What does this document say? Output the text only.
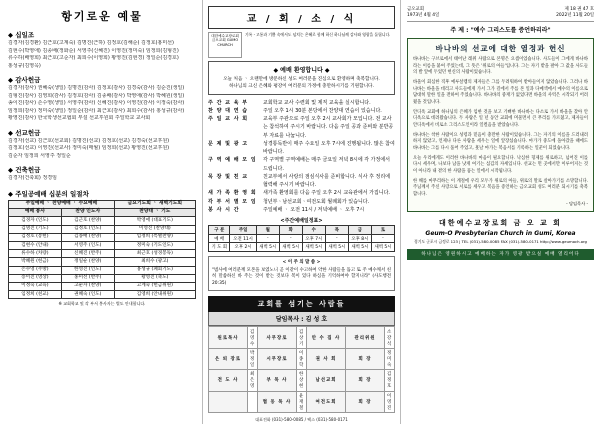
항기로운 예물
◆ 십일조
김경자(김경환) 김근호(고계숙) 김명진(근하) 김정호(김해순) 김정호(홍미선)
김현수(박영애) 김종배(정화순) 서영주(신혜진) 이영진(정미숙) 임정희(김형진)
류수하(배영희) 최근호(고순자) 최희수(이영희) 황영진(김현경) 정일순(김경호)
홍성규(김영옥)
◆ 감사헌금
김경자(감사) 권혜숙(생일) 김명진(감사) 김정호(감사) 김경숙(감사) 김순진(생일)
김형진(감사) 김영희(감사) 김정호(감사) 김종배(감사) 박영애(감사) 박혜원(생일)
송이진(감사) 손수영(생일) 서영주(감사) 신혜진(감사) 이영진(감사) 이정숙(감사)
임정희(감사) 정미숙(생일) 정일순(감사) 최근호(감사) 최희수(감사) 홍성규(감사)
황영진(감사) 한국학생선교협회 부설 선교후원회 주일학교 교사회
◆ 선교헌금
김경자(선교) 김근호(선교회) 김명진(선교) 김정호(선교) 김경숙(선교후원)
김정호(선교) 이영진(선교사) 정미숙(매월) 임정희(선교) 황영진(선교후원)
김순자 임정희 서영주 정일순
◆ 건축헌금
김경자(건축회) 정경임
◆ 주일공예배 십분의 일절차
주일예배 ㆍ 찬양예배 ㆍ 수요예배		금요기도회 ㆍ 새벽기도회
예배 봉사	찬양 인도자	찬양대 ㆍ 기도
김경자 (인도)	김근호 (찬양)	박영애 (대표기도)
김명진 (기도)	김정호 (인도)	이영진 (찬양대)
김정호 (봉헌)	김종배 (찬양)	임정희 (특별찬양)
김현수 (안내)	서영주 (인도)	정미숙 (기도인도)
류수하 (차량)	신혜진 (반주)	최근호 (성경봉독)
박혜원 (헌금)	정일순 (찬양)	최희수 (광고)
손수영 (주방)	한영진 (인도)	홍성규 (폐회기도)
송이진 (영상)	홍미선 (반주)	황영진 (축도)
이정숙 (교육)	고순자 (찬양)	고계숙 (헌금위원)
임정희 (친교)	권혜숙 (인도)	김영희 (안내위원)
※ 교회학교 및 각 부서 봉사자는 별도 안내합니다.
교 / 회 / 소 / 식
대한예수교장로회 금오교회 GUMO CHURCH
기록ㆍ고통과 기쁨 속에서도 넘치는 은혜로 함께 하신 하나님께 감사와 영광을 돌립니다.
◆ 예배 환영합니다 ◆
오늘 처음 ㆍ 오랜만에 방문하신 성도 여러분을 진심으로 환영하며 축복합니다.
하나님의 크신 은혜와 평강이 여러분의 가정에 충만하시기를 기원합니다.
주 간 교 육 부	교회학교 교사 수련회 및 제직 교육을 실시합니다.
찬 양 대 연 습	주일 오후 1시 30분 본당에서 찬양대 연습이 있습니다.
주 일 교 사 회	교육부 주관으로 주일 오후 2시 교사회가 모입니다. 전 교사는 참석하여 주시기 바랍니다. 다음 주일 공과 준비와 분반공부 자료를 나눕니다.
문 제 및 광 고	성경통독반이 매주 수요일 오후 7시에 진행됩니다. 많은 참여 바랍니다.
구 역 예 배 모 임	각 구역별 구역예배는 매주 금요일 저녁 8시에 각 가정에서 드립니다.
목 장 및 친 교	친교부에서 사랑의 점심식사를 준비합니다. 식사 후 정리에 협력해 주시기 바랍니다.
새 가 족 환 영 회	새가족 환영회를 다음 주일 오후 2시 교육관에서 가집니다.
각 부 서 별 모 임	청년부ㆍ남선교회ㆍ여전도회 월례회가 있습니다.
봉 사 시 간	주일예배 ㆍ 오전 11시 / 저녁예배 ㆍ 오후 7시
<주간예배일정표>
구 분	주일	월	화	수	목	금	토
예 배	오전 11시	-	-	오후 7시	-	오후 8시	-
기 도 회	오후 2시	새벽 5시	새벽 5시	새벽 5시	새벽 5시	새벽 5시	새벽 5시
< 이 주 의 말 씀 >
"범사에 여러분께 모본을 보였노니 곧 이같이 수고하여 약한 사람들을 돕고 또 주 예수께서 친히 말씀하신 바 주는 것이 받는 것보다 복이 있다 하심을 기억하여야 할지니라" (사도행전 20:35)
교회를 섬기는 사람들
담임목사 : 김 성 호
원로목사	김 영 수	사무장로	김 상 기	안 수 집 사	관리위원	소 강 석
은 퇴 장로	박 정 일	시무장로	이 종 학	권 사 회	회 장	정 미 숙
전 도 사	최 은 영	부 목 사	한 상 현	남선교회	회 장	김 정 호
		협 동 목 사	윤 재 철	여전도회	회 장	이 영 진
대표전화 (031)-580-0085 / 팩스 (031)-580-0171
금오교회
1973년 4월 4일
제 18 권 47 호
2022년 11월 20일
주 제 : "예수 그리스도를 증언하리라"
바나바의 선교에 대한 열정과 헌신

바나바는 구브로에서 태어난 레위 사람으로 본명은 요셉이었습니다. 사도들이 그에게 바나바라는 이름을 붙여 주었는데, 그 뜻은 '위로의 아들'입니다. 그는 자기 밭을 팔아 그 값을 사도들의 발 앞에 두었던 헌신의 사람이었습니다.

바울이 회심한 직후 예루살렘의 제자들은 그를 두려워하여 받아들이지 않았습니다. 그러나 바나바는 바울을 데리고 사도들에게 가서 그가 길에서 주를 본 일과 다메섹에서 예수의 이름으로 담대히 말한 일을 전하여 주었습니다. 바나바의 중재가 없었다면 바울의 사역은 시작되기 어려웠을 것입니다.

안디옥 교회에 하나님의 은혜가 임한 것을 보고 기뻐한 바나바는 다소로 가서 바울을 찾아 안디옥으로 데려왔습니다. 두 사람은 일 년 동안 교회에 머물면서 큰 무리를 가르쳤고, 제자들이 안디옥에서 비로소 그리스도인이라 일컬음을 받았습니다.

바나바는 착한 사람이요 성령과 믿음이 충만한 사람이었습니다. 그는 자기의 이름을 드러내려 하지 않았고, 언제나 다른 사람을 세우는 일에 앞장섰습니다. 마가가 중도에 돌아갔을 때에도 바나바는 그를 다시 품어 주었고, 훗날 마가는 복음서를 기록하는 일꾼이 되었습니다.

오늘 우리에게도 이러한 바나바의 마음이 필요합니다. 낙심한 형제를 위로하고, 넘어진 이를 다시 세우며, 나보다 남을 낫게 여기는 섬김의 자세입니다. 선교는 먼 곳에서만 이루어지는 것이 아니라 내 곁의 한 사람을 품는 일에서 시작됩니다.

한 해를 마무리하는 이 계절에 우리 모두가 위로의 아들, 위로의 딸로 살아가기를 소망합니다. 주님께서 주신 사랑으로 서로를 세우고 복음을 증언하는 금오교회 성도 여러분 되시기를 축복합니다.

- 담임목사 -
대한예수교장로회 금 오 교 회
Geum-O Presbyterian Church in Gumi, Korea
경기도 군포시 금정로 123 | TEL (031)-580-0085 FAX (031)-580-0171 http://www.geumoch.org
하나님은 영원하시고 예배하는 자가 영광 받으실 예배 열리어다
